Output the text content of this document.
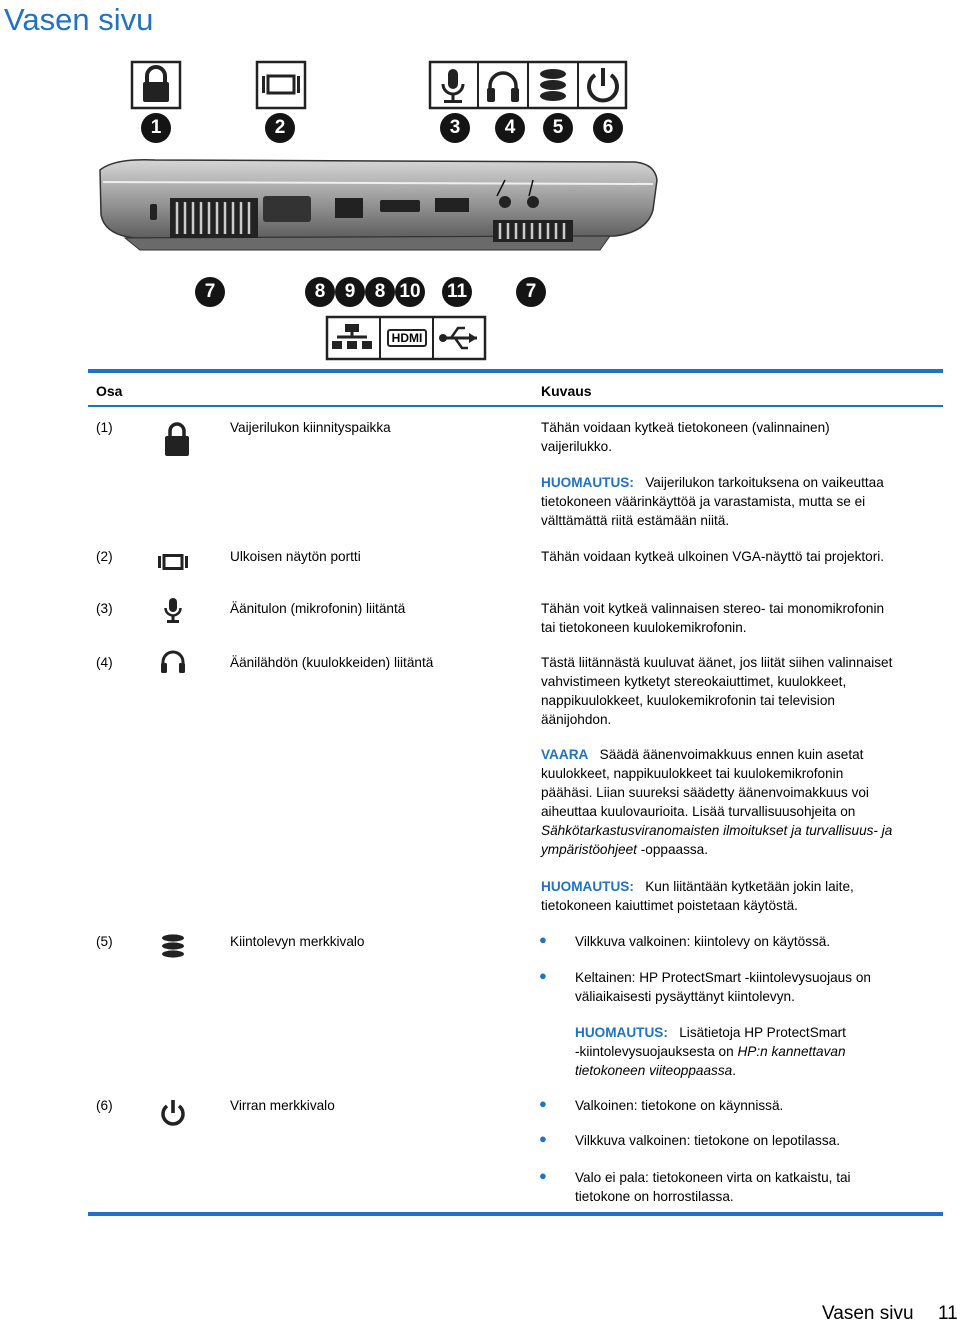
Vasen sivu
1	2	3	4	5	6
7	8	9	8 10 11	7
HDMI
Osa	Kuvaus
(1)	Vaijerilukon kiinnityspaikka	Tähän voidaan kytkeä tietokoneen (valinnainen)
vaijerilukko.
HUOMAUTUS: Vaijerilukon tarkoituksena on vaikeuttaa
tietokoneen väärinkäyttöä ja varastamista, mutta se ei
välttämättä riitä estämään niitä.
(2)	Ulkoisen näytön portti	Tähän voidaan kytkeä ulkoinen VGA-näyttö tai projektori.
(3)	Äänitulon (mikrofonin) liitäntä	Tähän voit kytkeä valinnaisen stereo- tai monomikrofonin
tai tietokoneen kuulokemikrofonin.
(4)	Äänilähdön (kuulokkeiden) liitäntä	Tästä liitännästä kuuluvat äänet, jos liität siihen valinnaiset
vahvistimeen kytketyt stereokaiuttimet, kuulokkeet,
nappikuulokkeet, kuulokemikrofonin tai television
äänijohdon.
VAARA Säädä äänenvoimakkuus ennen kuin asetat
kuulokkeet, nappikuulokkeet tai kuulokemikrofonin
päähäsi. Liian suureksi säädetty äänenvoimakkuus voi
aiheuttaa kuulovaurioita. Lisää turvallisuusohjeita on
Sähkötarkastusviranomaisten ilmoitukset ja turvallisuus- ja
ympäristöohjeet -oppaassa.
HUOMAUTUS: Kun liitäntään kytketään jokin laite,
tietokoneen kaiuttimet poistetaan käytöstä.
(5)	Kiintolevyn merkkivalo	● Vilkkuva valkoinen: kiintolevy on käytössä.
● Keltainen: HP ProtectSmart -kiintolevysuojaus on
väliaikaisesti pysäyttänyt kiintolevyn.
HUOMAUTUS: Lisätietoja HP ProtectSmart
-kiintolevysuojauksesta on HP:n kannettavan
tietokoneen viiteoppaassa.
(6)	Virran merkkivalo	● Valkoinen: tietokone on käynnissä.
● Vilkkuva valkoinen: tietokone on lepotilassa.
● Valo ei pala: tietokoneen virta on katkaistu, tai
tietokone on horrostilassa.
Vasen sivu 11
